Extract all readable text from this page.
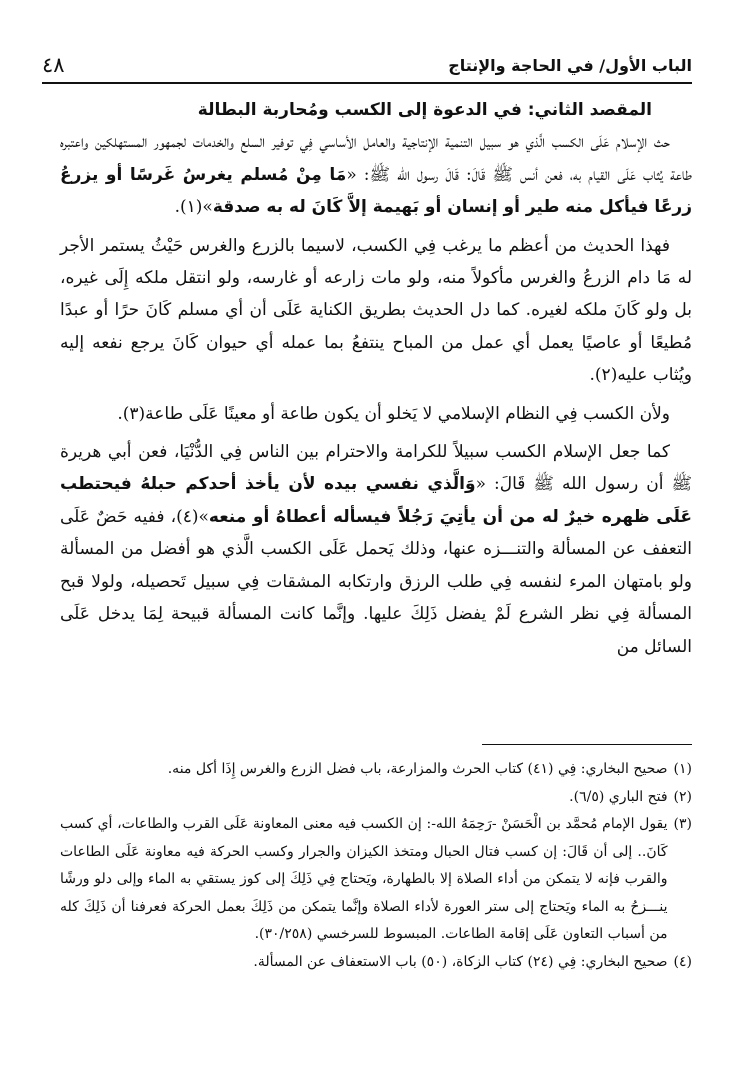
الباب الأول/ في الحاجة والإنتاج
٤٨
المقصد الثاني: في الدعوة إلى الكسب ومُحاربة البطالة

حث الإسلام عَلَى الكسب الَّذي هو سبيل التنمية الإنتاجية والعامل الأساسي فِي توفير السلع والخدمات لجمهور المستهلكين واعتبره طاعة يُثاب عَلَى القيام به، فعن أنس ﷺ قَالَ: قَالَ رسول الله ﷺ: «مَا مِنْ مُسلم يغرسُ غَرسًا أو يزرعُ زرعًا فيأكل منه طير أو إنسان أو بَهيمة إلاَّ كَانَ له به صدقة»(١).

فهذا الحديث من أعظم ما يرغب فِي الكسب، لاسيما بالزرع والغرس حَيْثُ يستمر الأجر له مَا دام الزرعُ والغرس مأكولاً منه، ولو مات زارعه أو غارسه، ولو انتقل ملكه إِلَى غيره، بل ولو كَانَ ملكه لغيره. كما دل الحديث بطريق الكناية عَلَى أن أي مسلم كَانَ حرًا أو عبدًا مُطيعًا أو عاصيًا يعمل أي عمل من المباح ينتفعُ بما عمله أي حيوان كَانَ يرجع نفعه إليه ويُثاب عليه(٢).

ولأن الكسب فِي النظام الإسلامي لا يَخلو أن يكون طاعة أو معينًا عَلَى طاعة(٣).

كما جعل الإسلام الكسب سبيلاً للكرامة والاحترام بين الناس فِي الدُّنْيَا، فعن أبي هريرة ﷺ أن رسول الله ﷺ قَالَ: «وَالَّذي نفسي بيده لأن يأخذ أحدكم حبلهُ فيحتطب عَلَى ظهره خيرٌ له من أن يأتِيَ رَجُلاً فيسأله أعطاهُ أو منعه»(٤)، ففيه حَضٌ عَلَى التعفف عن المسألة والتنـــزه عنها، وذلك يَحمل عَلَى الكسب الَّذي هو أفضل من المسألة ولو بامتهان المرء لنفسه فِي طلب الرزق وارتكابه المشقات فِي سبيل تَحصيله، ولولا قبح المسألة فِي نظر الشرع لَمْ يفضل ذَلِكَ عليها. وإنَّما كانت المسألة قبيحة لِمَا يدخل عَلَى السائل من

(١)
صحيح البخاري: فِي (٤١) كتاب الحرث والمزارعة، باب فضل الزرع والغرس إِذَا أكل منه.

(٢)
فتح الباري (٦/٥).

(٣)
يقول الإمام مُحمَّد بن الْحَسَنْ -رَحِمَهُ الله-: إن الكسب فيه معنى المعاونة عَلَى القرب والطاعات، أي كسب كَانَ.. إلى أن قَالَ: إن كسب فتال الحبال ومتخذ الكيزان والجرار وكسب الحركة فيه معاونة عَلَى الطاعات والقرب فإنه لا يتمكن من أداء الصلاة إلا بالطهارة، ويَحتاج فِي ذَلِكَ إلى كوز يستقي به الماء وإلى دلو ورشًا ينـــزحُ به الماء ويَحتاج إلى ستر العورة لأداء الصلاة وإنَّما يتمكن من ذَلِكَ بعمل الحركة فعرفنا أن ذَلِكَ كله من أسباب التعاون عَلَى إقامة الطاعات. المبسوط للسرخسي (٣٠/٢٥٨).

(٤)
صحيح البخاري: فِي (٢٤) كتاب الزكاة، (٥٠) باب الاستعفاف عن المسألة.
